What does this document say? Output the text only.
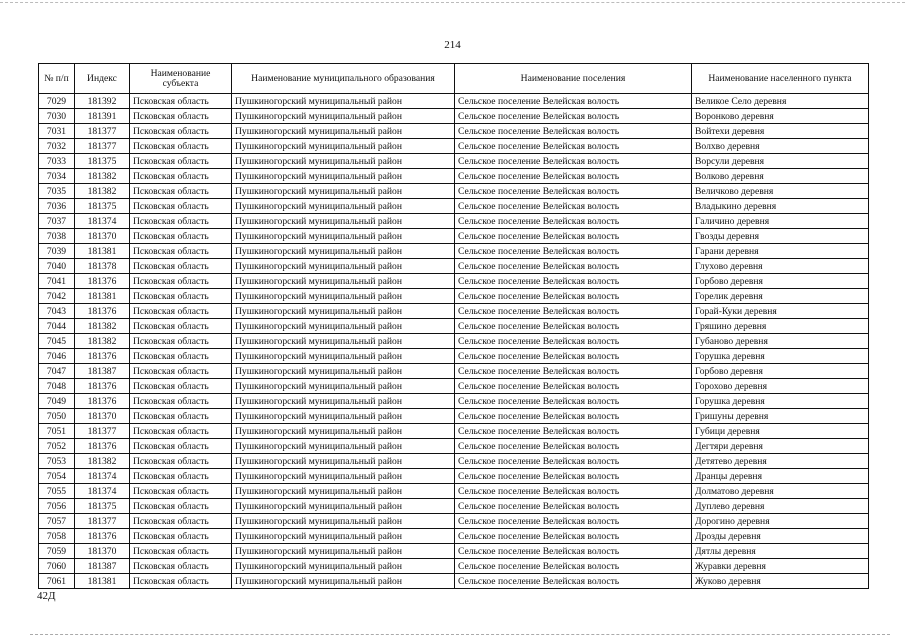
214
№ п/п	Индекс	Наименование субъекта	Наименование муниципального образования	Наименование поселения	Наименование населенного пункта
7029	181392	Псковская область	Пушкиногорский муниципальный район	Сельское поселение Велейская волость	Великое Село деревня
7030	181391	Псковская область	Пушкиногорский муниципальный район	Сельское поселение Велейская волость	Воронково деревня
7031	181377	Псковская область	Пушкиногорский муниципальный район	Сельское поселение Велейская волость	Войтехи деревня
7032	181377	Псковская область	Пушкиногорский муниципальный район	Сельское поселение Велейская волость	Волхво деревня
7033	181375	Псковская область	Пушкиногорский муниципальный район	Сельское поселение Велейская волость	Ворсули деревня
7034	181382	Псковская область	Пушкиногорский муниципальный район	Сельское поселение Велейская волость	Волково деревня
7035	181382	Псковская область	Пушкиногорский муниципальный район	Сельское поселение Велейская волость	Величково деревня
7036	181375	Псковская область	Пушкиногорский муниципальный район	Сельское поселение Велейская волость	Владыкино деревня
7037	181374	Псковская область	Пушкиногорский муниципальный район	Сельское поселение Велейская волость	Галичино деревня
7038	181370	Псковская область	Пушкиногорский муниципальный район	Сельское поселение Велейская волость	Гвозды деревня
7039	181381	Псковская область	Пушкиногорский муниципальный район	Сельское поселение Велейская волость	Гарани деревня
7040	181378	Псковская область	Пушкиногорский муниципальный район	Сельское поселение Велейская волость	Глухово деревня
7041	181376	Псковская область	Пушкиногорский муниципальный район	Сельское поселение Велейская волость	Горбово деревня
7042	181381	Псковская область	Пушкиногорский муниципальный район	Сельское поселение Велейская волость	Горелик деревня
7043	181376	Псковская область	Пушкиногорский муниципальный район	Сельское поселение Велейская волость	Горай-Куки деревня
7044	181382	Псковская область	Пушкиногорский муниципальный район	Сельское поселение Велейская волость	Гряшино деревня
7045	181382	Псковская область	Пушкиногорский муниципальный район	Сельское поселение Велейская волость	Губаново деревня
7046	181376	Псковская область	Пушкиногорский муниципальный район	Сельское поселение Велейская волость	Горушка деревня
7047	181387	Псковская область	Пушкиногорский муниципальный район	Сельское поселение Велейская волость	Горбово деревня
7048	181376	Псковская область	Пушкиногорский муниципальный район	Сельское поселение Велейская волость	Горохово деревня
7049	181376	Псковская область	Пушкиногорский муниципальный район	Сельское поселение Велейская волость	Горушка деревня
7050	181370	Псковская область	Пушкиногорский муниципальный район	Сельское поселение Велейская волость	Гришуны деревня
7051	181377	Псковская область	Пушкиногорский муниципальный район	Сельское поселение Велейская волость	Губици деревня
7052	181376	Псковская область	Пушкиногорский муниципальный район	Сельское поселение Велейская волость	Дегтяри деревня
7053	181382	Псковская область	Пушкиногорский муниципальный район	Сельское поселение Велейская волость	Детятево деревня
7054	181374	Псковская область	Пушкиногорский муниципальный район	Сельское поселение Велейская волость	Дранцы деревня
7055	181374	Псковская область	Пушкиногорский муниципальный район	Сельское поселение Велейская волость	Долматово деревня
7056	181375	Псковская область	Пушкиногорский муниципальный район	Сельское поселение Велейская волость	Дуплево деревня
7057	181377	Псковская область	Пушкиногорский муниципальный район	Сельское поселение Велейская волость	Дорогино деревня
7058	181376	Псковская область	Пушкиногорский муниципальный район	Сельское поселение Велейская волость	Дрозды деревня
7059	181370	Псковская область	Пушкиногорский муниципальный район	Сельское поселение Велейская волость	Дятлы деревня
7060	181387	Псковская область	Пушкиногорский муниципальный район	Сельское поселение Велейская волость	Журавки деревня
7061	181381	Псковская область	Пушкиногорский муниципальный район	Сельское поселение Велейская волость	Жуково деревня
42Д
